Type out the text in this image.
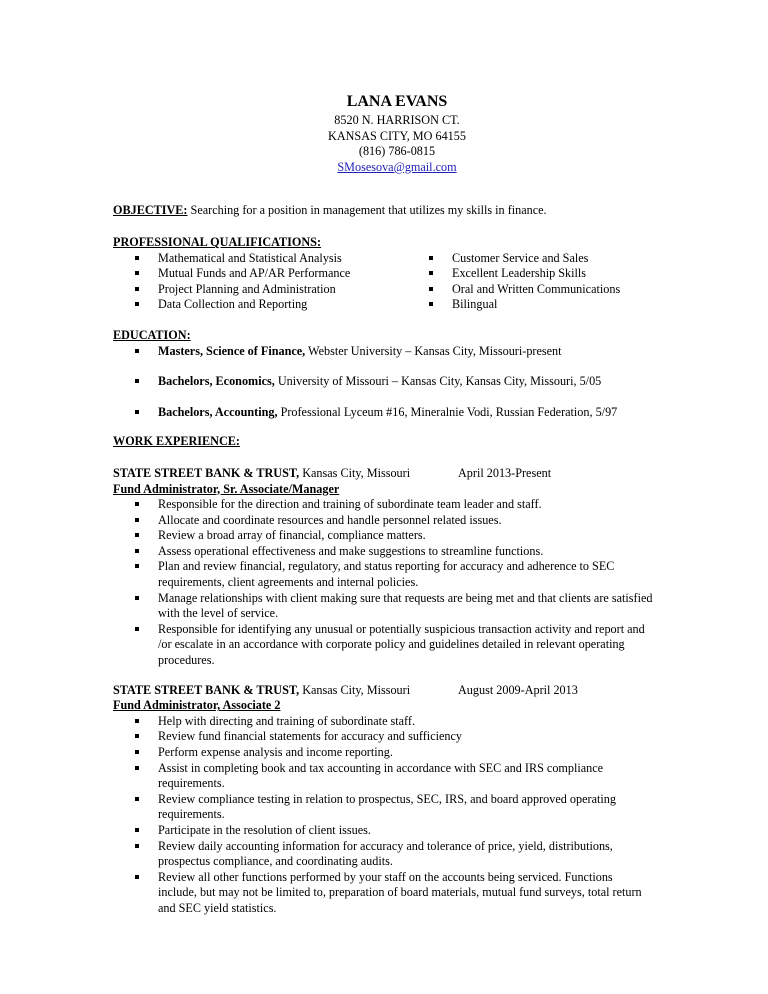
LANA EVANS
8520 N. HARRISON CT.
KANSAS CITY, MO 64155
(816) 786-0815
SMosesova@gmail.com
OBJECTIVE: Searching for a position in management that utilizes my skills in finance.
PROFESSIONAL QUALIFICATIONS:
Mathematical and Statistical Analysis
Mutual Funds and AP/AR Performance
Project Planning and Administration
Data Collection and Reporting
Customer Service and Sales
Excellent Leadership Skills
Oral and Written Communications
Bilingual
EDUCATION:
Masters, Science of Finance, Webster University – Kansas City, Missouri-present
Bachelors, Economics, University of Missouri – Kansas City, Kansas City, Missouri, 5/05
Bachelors, Accounting, Professional Lyceum #16, Mineralnie Vodi, Russian Federation, 5/97
WORK EXPERIENCE:
STATE STREET BANK & TRUST, Kansas City, Missouri	April 2013-Present
Fund Administrator, Sr. Associate/Manager
Responsible for the direction and training of subordinate team leader and staff.
Allocate and coordinate resources and handle personnel related issues.
Review a broad array of financial, compliance matters.
Assess operational effectiveness and make suggestions to streamline functions.
Plan and review financial, regulatory, and status reporting for accuracy and adherence to SEC requirements, client agreements and internal policies.
Manage relationships with client making sure that requests are being met and that clients are satisfied with the level of service.
Responsible for identifying any unusual or potentially suspicious transaction activity and report and /or escalate in an accordance with corporate policy and guidelines detailed in relevant operating procedures.
STATE STREET BANK & TRUST, Kansas City, Missouri	August 2009-April 2013
Fund Administrator, Associate 2
Help with directing and training of subordinate staff.
Review fund financial statements for accuracy and sufficiency
Perform expense analysis and income reporting.
Assist in completing book and tax accounting in accordance with SEC and IRS compliance requirements.
Review compliance testing in relation to prospectus, SEC, IRS, and board approved operating requirements.
Participate in the resolution of client issues.
Review daily accounting information for accuracy and tolerance of price, yield, distributions, prospectus compliance, and coordinating audits.
Review all other functions performed by your staff on the accounts being serviced. Functions include, but may not be limited to, preparation of board materials, mutual fund surveys, total return and SEC yield statistics.
